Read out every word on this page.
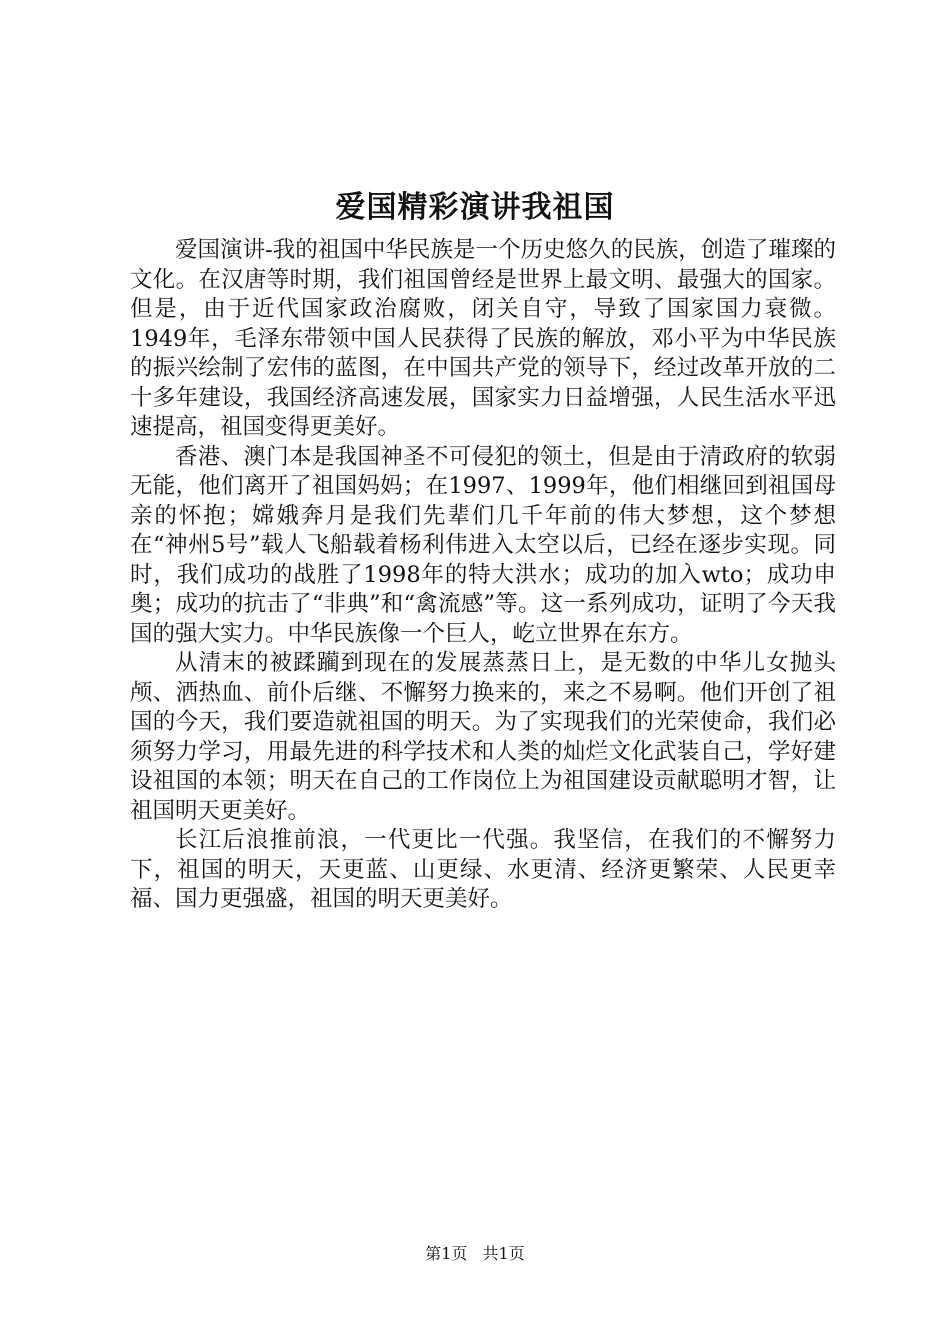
爱国精彩演讲我祖国

爱国演讲-我的祖国中华民族是一个历史悠久的民族，创造了璀璨的文化。在汉唐等时期，我们祖国曾经是世界上最文明、最强大的国家。但是，由于近代国家政治腐败，闭关自守，导致了国家国力衰微。1949年，毛泽东带领中国人民获得了民族的解放，邓小平为中华民族的振兴绘制了宏伟的蓝图，在中国共产党的领导下，经过改革开放的二十多年建设，我国经济高速发展，国家实力日益增强，人民生活水平迅速提高，祖国变得更美好。

香港、澳门本是我国神圣不可侵犯的领土，但是由于清政府的软弱无能，他们离开了祖国妈妈；在1997、1999年，他们相继回到祖国母亲的怀抱；嫦娥奔月是我们先辈们几千年前的伟大梦想，这个梦想在“神州5号”载人飞船载着杨利伟进入太空以后，已经在逐步实现。同时，我们成功的战胜了1998年的特大洪水；成功的加入wto；成功申奥；成功的抗击了“非典”和“禽流感”等。这一系列成功，证明了今天我国的强大实力。中华民族像一个巨人，屹立世界在东方。

从清末的被蹂躏到现在的发展蒸蒸日上，是无数的中华儿女抛头颅、洒热血、前仆后继、不懈努力换来的，来之不易啊。他们开创了祖国的今天，我们要造就祖国的明天。为了实现我们的光荣使命，我们必须努力学习，用最先进的科学技术和人类的灿烂文化武装自己，学好建设祖国的本领；明天在自己的工作岗位上为祖国建设贡献聪明才智，让祖国明天更美好。

长江后浪推前浪，一代更比一代强。我坚信，在我们的不懈努力下，祖国的明天，天更蓝、山更绿、水更清、经济更繁荣、人民更幸福、国力更强盛，祖国的明天更美好。

第1页 共1页
